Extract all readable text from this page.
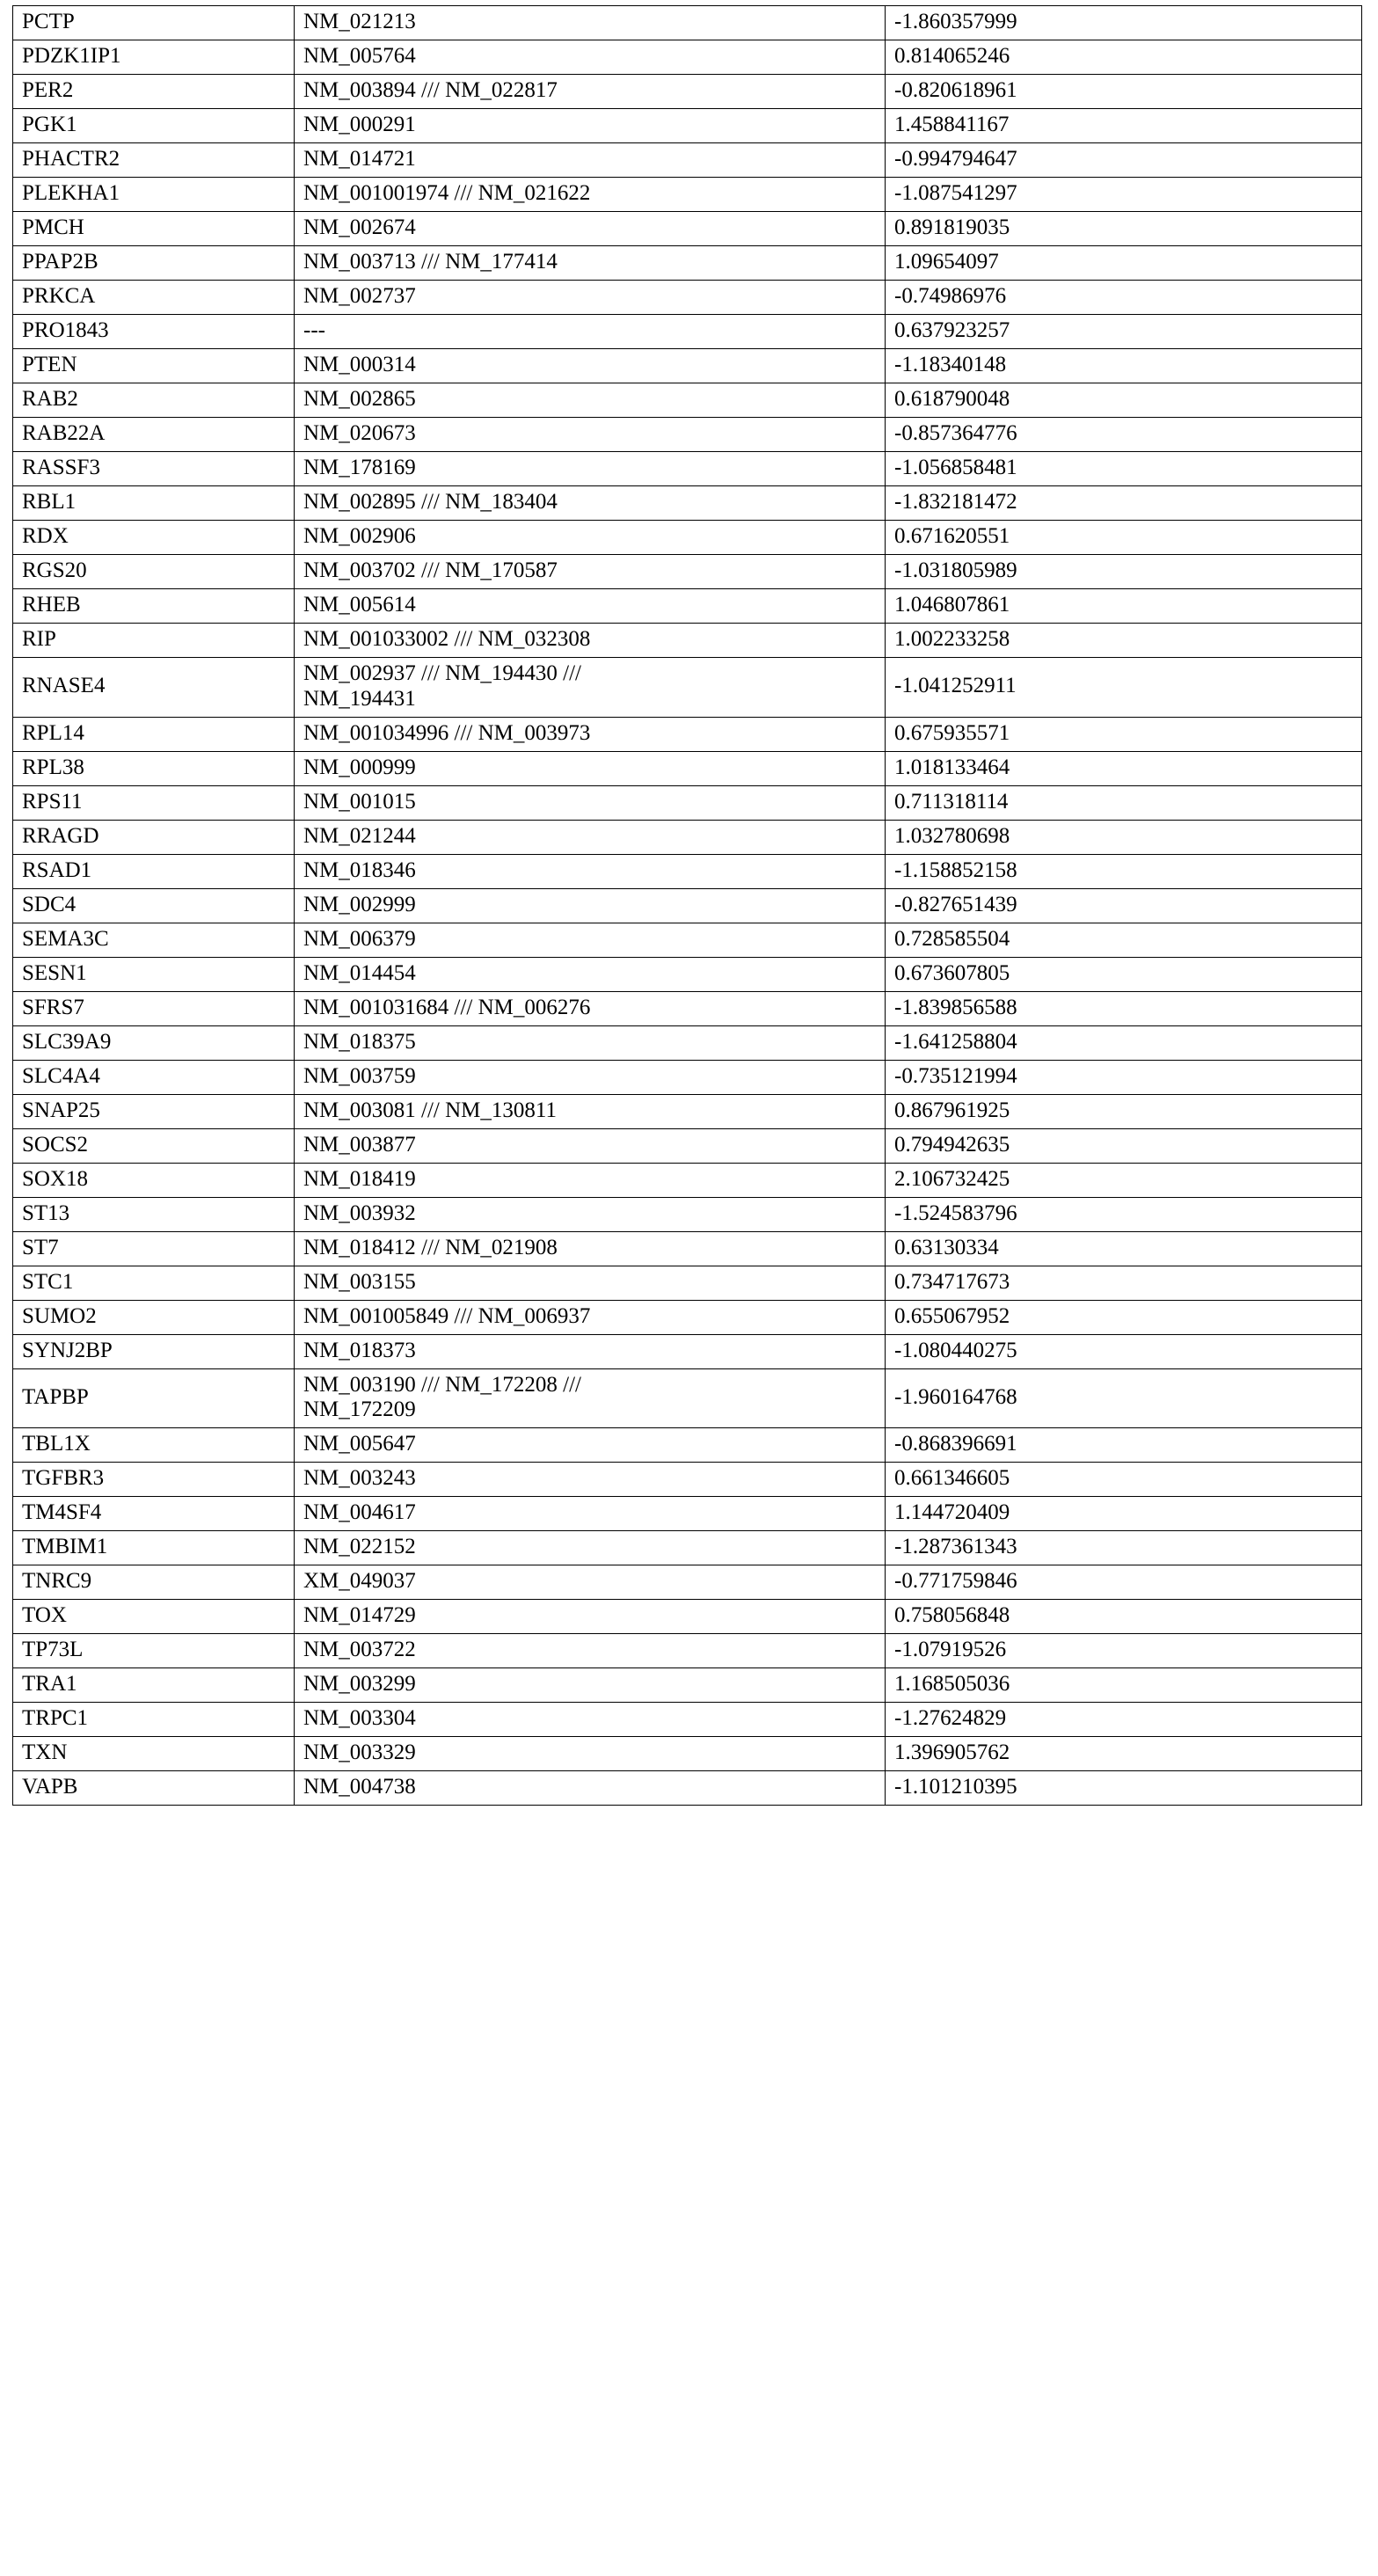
PCTP	NM_021213	-1.860357999
PDZK1IP1	NM_005764	0.814065246
PER2	NM_003894 /// NM_022817	-0.820618961
PGK1	NM_000291	1.458841167
PHACTR2	NM_014721	-0.994794647
PLEKHA1	NM_001001974 /// NM_021622	-1.087541297
PMCH	NM_002674	0.891819035
PPAP2B	NM_003713 /// NM_177414	1.09654097
PRKCA	NM_002737	-0.74986976
PRO1843	---	0.637923257
PTEN	NM_000314	-1.18340148
RAB2	NM_002865	0.618790048
RAB22A	NM_020673	-0.857364776
RASSF3	NM_178169	-1.056858481
RBL1	NM_002895 /// NM_183404	-1.832181472
RDX	NM_002906	0.671620551
RGS20	NM_003702 /// NM_170587	-1.031805989
RHEB	NM_005614	1.046807861
RIP	NM_001033002 /// NM_032308	1.002233258
RNASE4	NM_002937 /// NM_194430 ///
NM_194431	-1.041252911
RPL14	NM_001034996 /// NM_003973	0.675935571
RPL38	NM_000999	1.018133464
RPS11	NM_001015	0.711318114
RRAGD	NM_021244	1.032780698
RSAD1	NM_018346	-1.158852158
SDC4	NM_002999	-0.827651439
SEMA3C	NM_006379	0.728585504
SESN1	NM_014454	0.673607805
SFRS7	NM_001031684 /// NM_006276	-1.839856588
SLC39A9	NM_018375	-1.641258804
SLC4A4	NM_003759	-0.735121994
SNAP25	NM_003081 /// NM_130811	0.867961925
SOCS2	NM_003877	0.794942635
SOX18	NM_018419	2.106732425
ST13	NM_003932	-1.524583796
ST7	NM_018412 /// NM_021908	0.63130334
STC1	NM_003155	0.734717673
SUMO2	NM_001005849 /// NM_006937	0.655067952
SYNJ2BP	NM_018373	-1.080440275
TAPBP	NM_003190 /// NM_172208 ///
NM_172209	-1.960164768
TBL1X	NM_005647	-0.868396691
TGFBR3	NM_003243	0.661346605
TM4SF4	NM_004617	1.144720409
TMBIM1	NM_022152	-1.287361343
TNRC9	XM_049037	-0.771759846
TOX	NM_014729	0.758056848
TP73L	NM_003722	-1.07919526
TRA1	NM_003299	1.168505036
TRPC1	NM_003304	-1.27624829
TXN	NM_003329	1.396905762
VAPB	NM_004738	-1.101210395
